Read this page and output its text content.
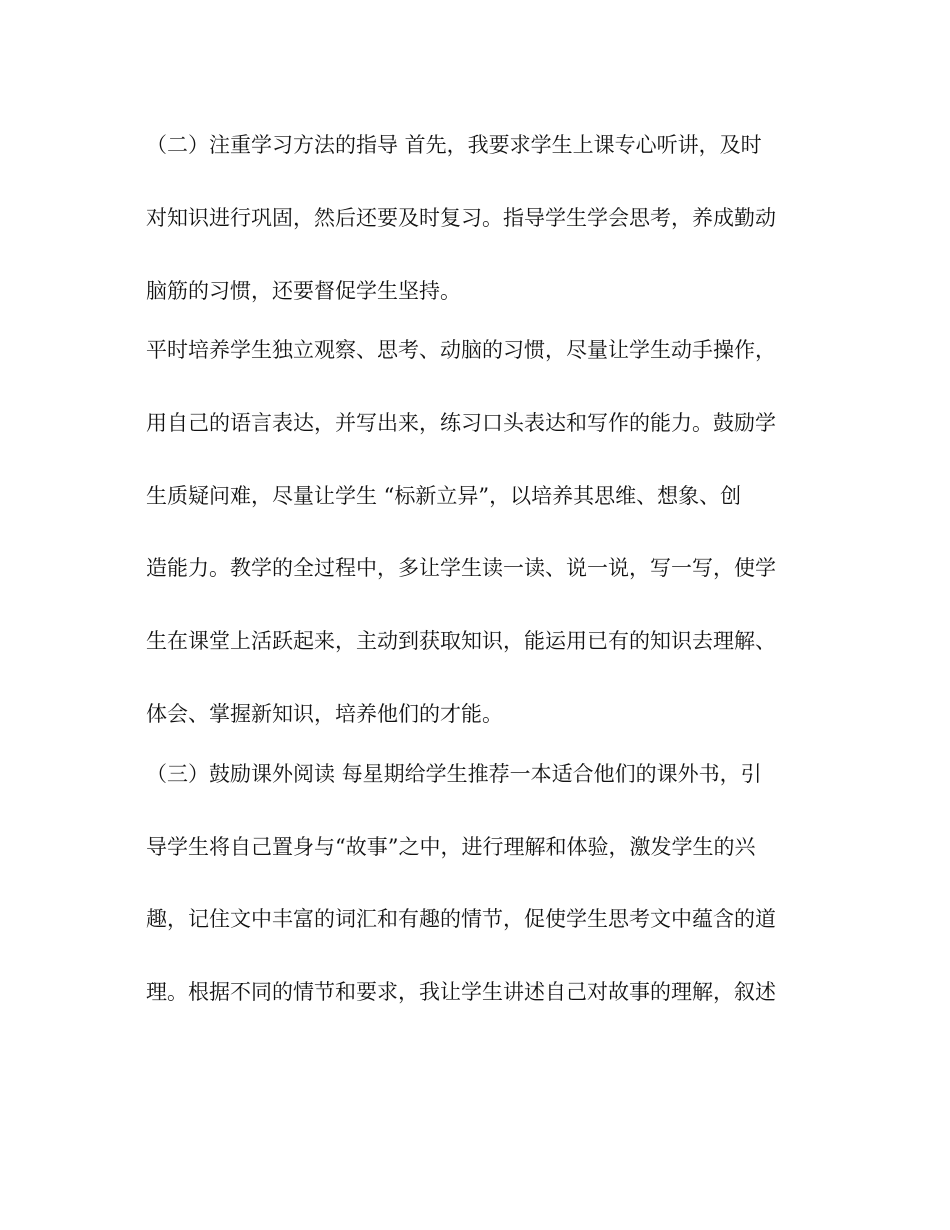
（二）注重学习方法的指导 首先，我要求学生上课专心听讲，及时
对知识进行巩固，然后还要及时复习。指导学生学会思考，养成勤动
脑筋的习惯，还要督促学生坚持。
平时培养学生独立观察、思考、动脑的习惯，尽量让学生动手操作，
用自己的语言表达，并写出来，练习口头表达和写作的能力。鼓励学
生质疑问难，尽量让学生 “标新立异”，以培养其思维、想象、创
造能力。教学的全过程中，多让学生读一读、说一说，写一写，使学
生在课堂上活跃起来，主动到获取知识，能运用已有的知识去理解、
体会、掌握新知识，培养他们的才能。
（三）鼓励课外阅读 每星期给学生推荐一本适合他们的课外书，引
导学生将自己置身与“故事”之中，进行理解和体验，激发学生的兴
趣，记住文中丰富的词汇和有趣的情节，促使学生思考文中蕴含的道
理。根据不同的情节和要求，我让学生讲述自己对故事的理解，叙述
